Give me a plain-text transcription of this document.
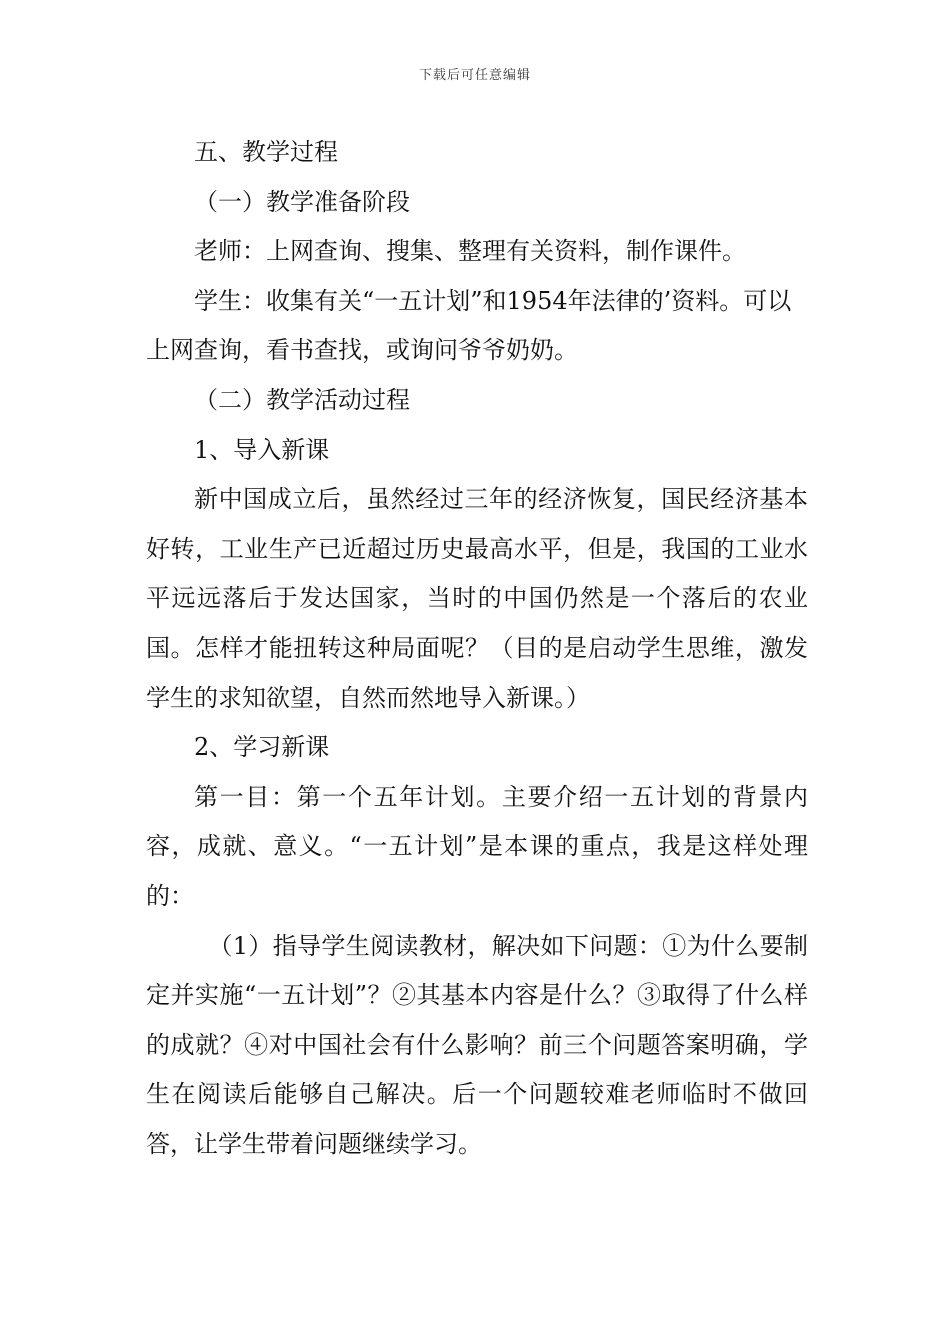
下载后可任意编辑

五、教学过程

（一）教学准备阶段

老师：上网查询、搜集、整理有关资料，制作课件。

学生：收集有关“一五计划”和1954年法律的’资料。可以上网查询，看书查找，或询问爷爷奶奶。

（二）教学活动过程

1、导入新课

新中国成立后，虽然经过三年的经济恢复，国民经济基本好转，工业生产已近超过历史最高水平，但是，我国的工业水平远远落后于发达国家，当时的中国仍然是一个落后的农业国。怎样才能扭转这种局面呢？（目的是启动学生思维，激发学生的求知欲望，自然而然地导入新课。）

2、学习新课

第一目：第一个五年计划。主要介绍一五计划的背景内容，成就、意义。“一五计划”是本课的重点，我是这样处理的：

（1）指导学生阅读教材，解决如下问题：①为什么要制定并实施“一五计划”？②其基本内容是什么？③取得了什么样的成就？④对中国社会有什么影响？前三个问题答案明确，学生在阅读后能够自己解决。后一个问题较难老师临时不做回答，让学生带着问题继续学习。
